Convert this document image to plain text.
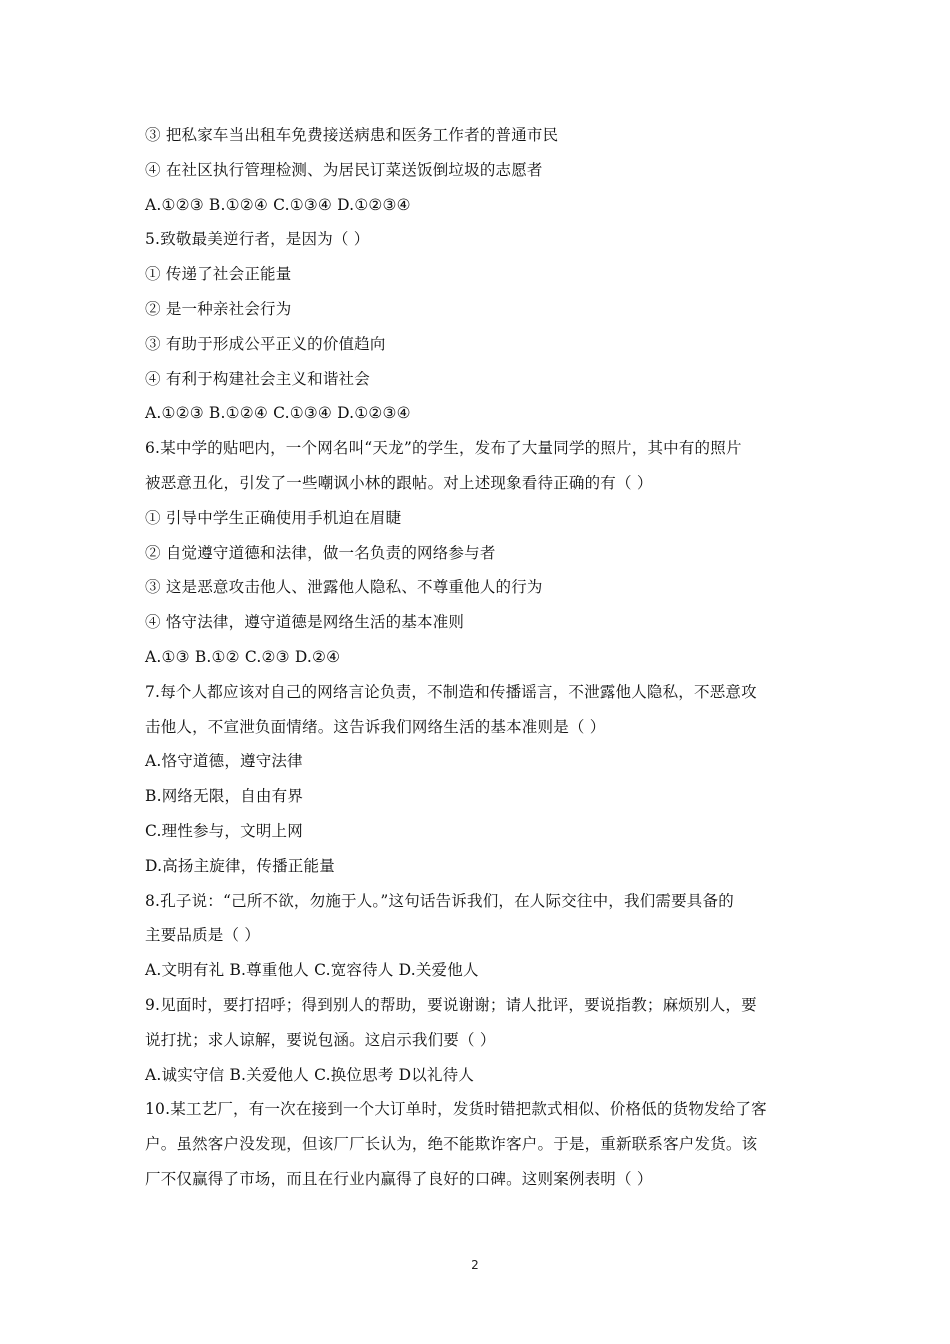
③ 把私家车当出租车免费接送病患和医务工作者的普通市民
④ 在社区执行管理检测、为居民订菜送饭倒垃圾的志愿者
A.①②③ B.①②④ C.①③④ D.①②③④
5.致敬最美逆行者，是因为（ ）
① 传递了社会正能量
② 是一种亲社会行为
③ 有助于形成公平正义的价值趋向
④ 有利于构建社会主义和谐社会
A.①②③ B.①②④ C.①③④ D.①②③④
6.某中学的贴吧内，一个网名叫“天龙”的学生，发布了大量同学的照片，其中有的照片
被恶意丑化，引发了一些嘲讽小林的跟帖。对上述现象看待正确的有（ ）
① 引导中学生正确使用手机迫在眉睫
② 自觉遵守道德和法律，做一名负责的网络参与者
③ 这是恶意攻击他人、泄露他人隐私、不尊重他人的行为
④ 恪守法律，遵守道德是网络生活的基本准则
A.①③ B.①② C.②③ D.②④
7.每个人都应该对自己的网络言论负责，不制造和传播谣言，不泄露他人隐私，不恶意攻
击他人，不宣泄负面情绪。这告诉我们网络生活的基本准则是（ ）
A.恪守道德，遵守法律
B.网络无限，自由有界
C.理性参与，文明上网
D.高扬主旋律，传播正能量
8.孔子说：“己所不欲，勿施于人。”这句话告诉我们，在人际交往中，我们需要具备的
主要品质是（ ）
A.文明有礼 B.尊重他人 C.宽容待人 D.关爱他人
9.见面时，要打招呼；得到别人的帮助，要说谢谢；请人批评，要说指教；麻烦别人，要
说打扰；求人谅解，要说包涵。这启示我们要（ ）
A.诚实守信 B.关爱他人 C.换位思考 D以礼待人
10.某工艺厂，有一次在接到一个大订单时，发货时错把款式相似、价格低的货物发给了客
户。虽然客户没发现，但该厂厂长认为，绝不能欺诈客户。于是，重新联系客户发货。该
厂不仅赢得了市场，而且在行业内赢得了良好的口碑。这则案例表明（ ）
2
